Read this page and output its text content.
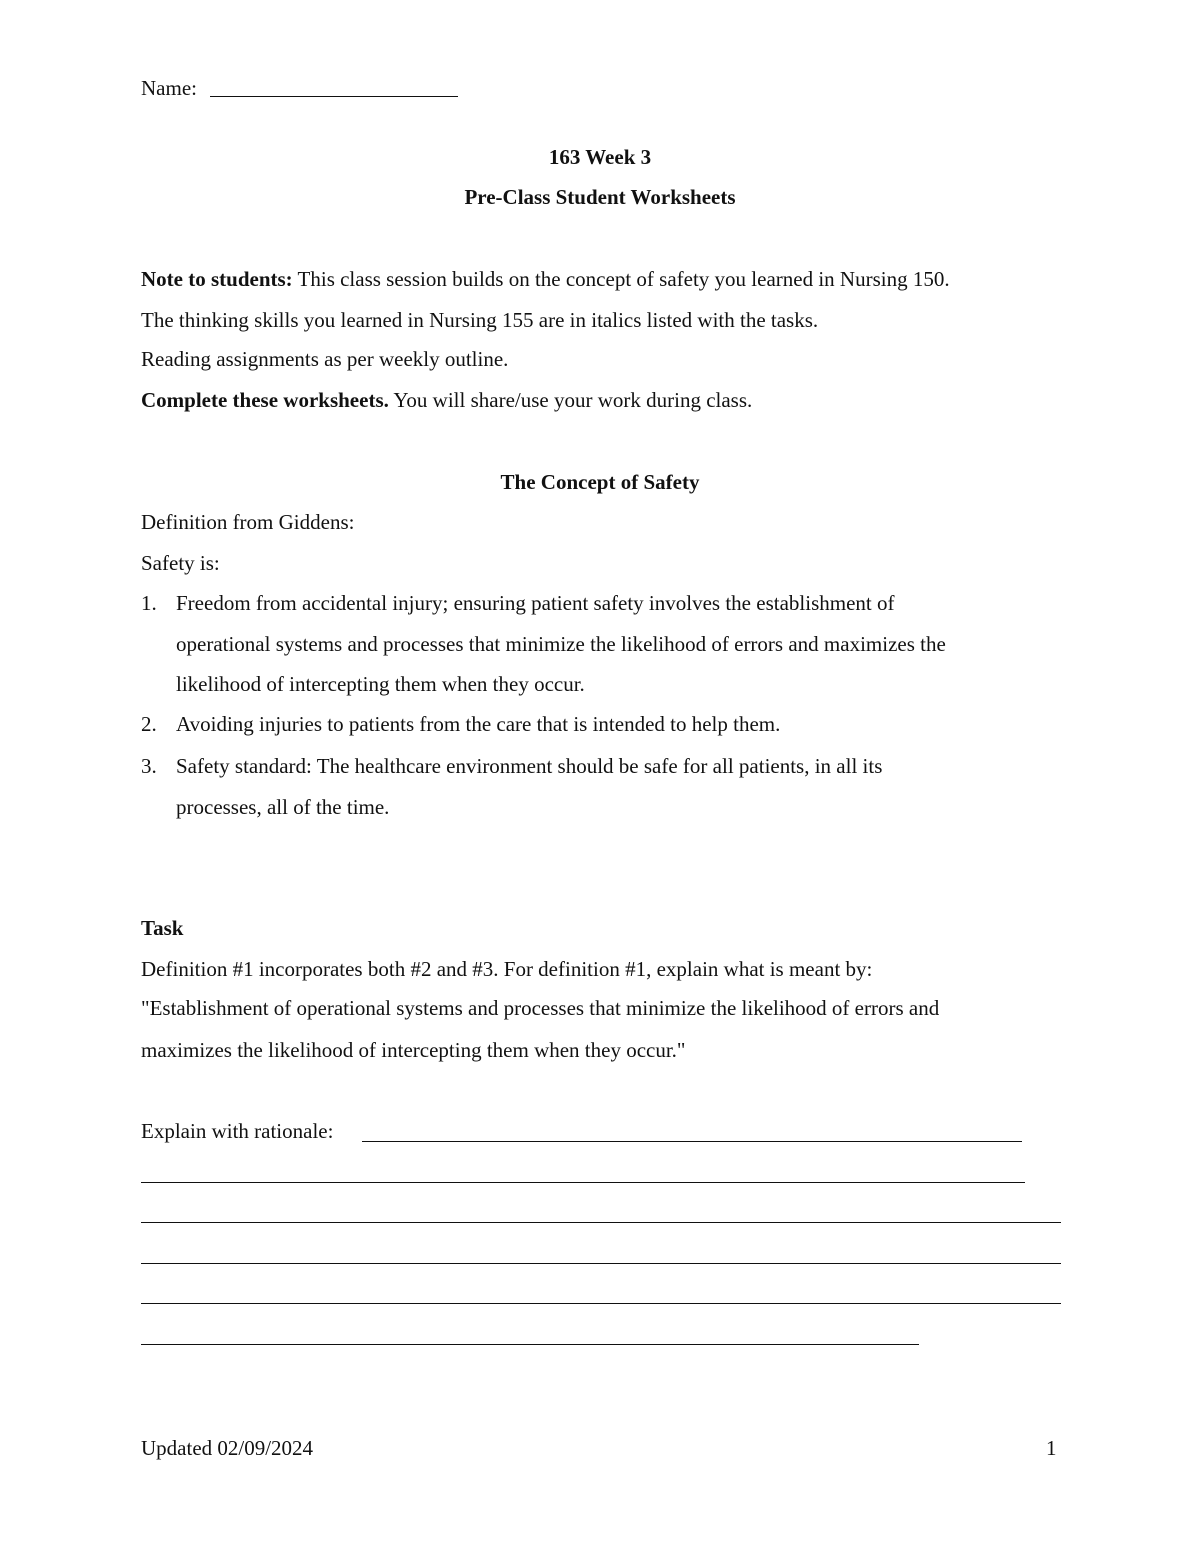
Name:
163 Week 3
Pre-Class Student Worksheets
Note to students: This class session builds on the concept of safety you learned in Nursing 150.
The thinking skills you learned in Nursing 155 are in italics listed with the tasks.
Reading assignments as per weekly outline.
Complete these worksheets. You will share/use your work during class.
The Concept of Safety
Definition from Giddens:
Safety is:
1. Freedom from accidental injury; ensuring patient safety involves the establishment of
operational systems and processes that minimize the likelihood of errors and maximizes the
likelihood of intercepting them when they occur.
2. Avoiding injuries to patients from the care that is intended to help them.
3. Safety standard: The healthcare environment should be safe for all patients, in all its
processes, all of the time.
Task
Definition #1 incorporates both #2 and #3. For definition #1, explain what is meant by:
"Establishment of operational systems and processes that minimize the likelihood of errors and
maximizes the likelihood of intercepting them when they occur."
Explain with rationale:
Updated 02/09/2024	1
